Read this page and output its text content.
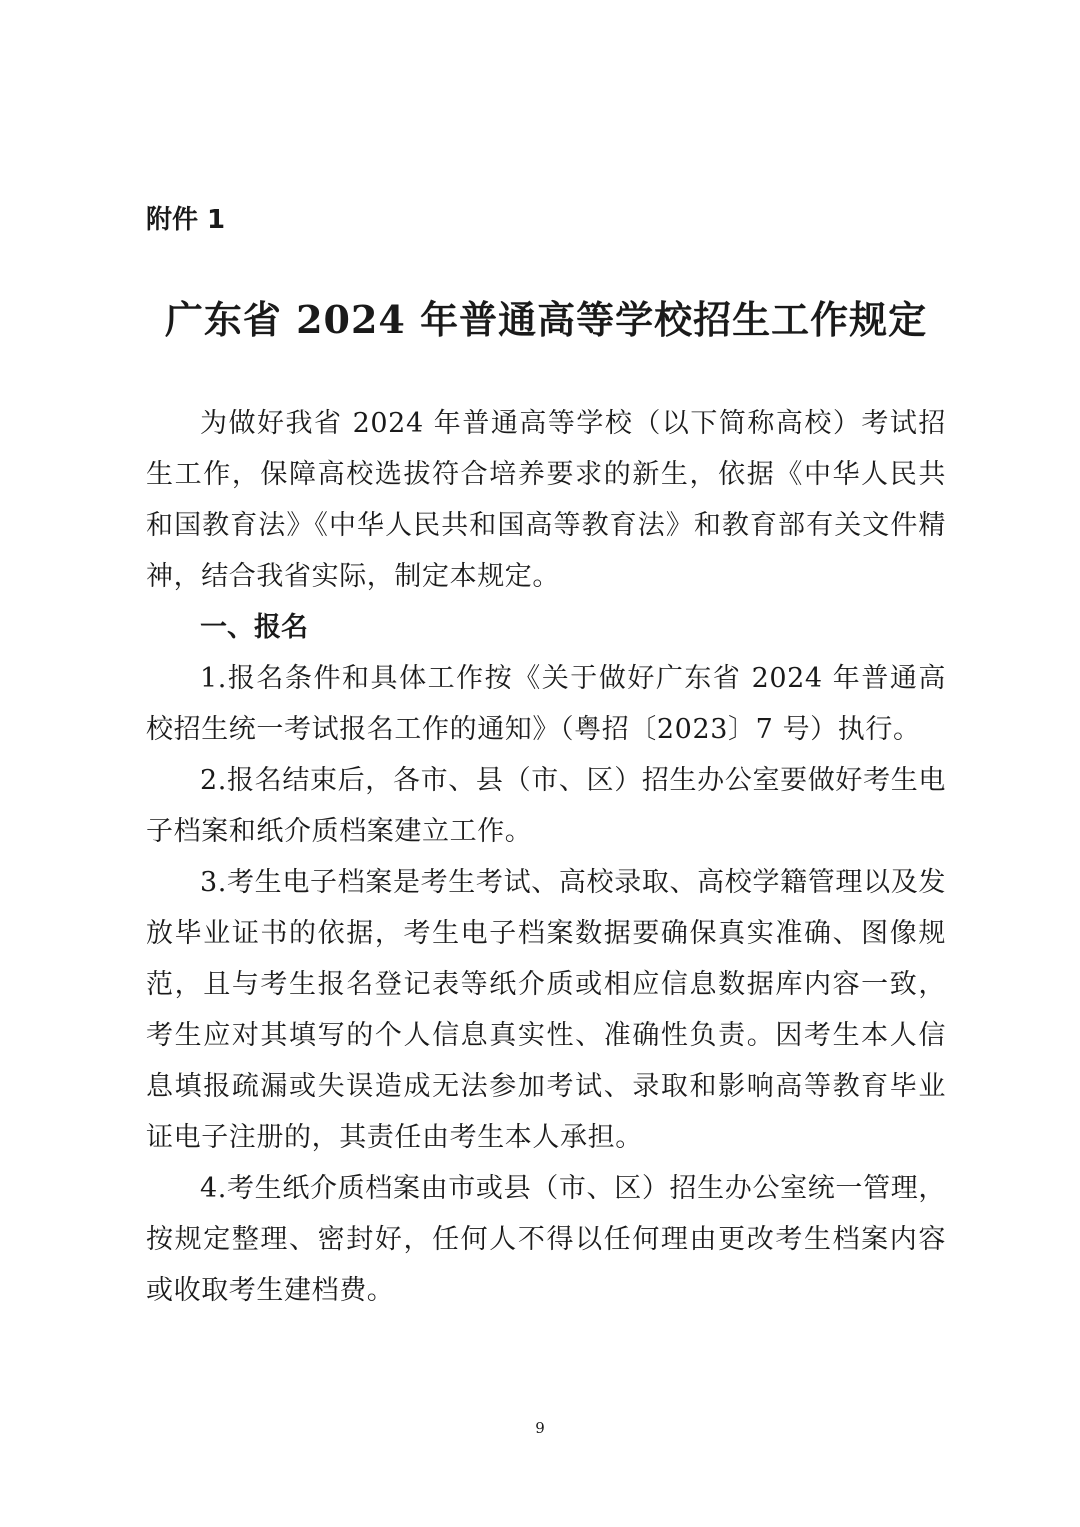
附件 1
广东省 2024 年普通高等学校招生工作规定

为做好我省 2024 年普通高等学校（以下简称高校）考试招生工作，保障高校选拔符合培养要求的新生，依据《中华人民共和国教育法》《中华人民共和国高等教育法》和教育部有关文件精神，结合我省实际，制定本规定。

一、报名

1.报名条件和具体工作按《关于做好广东省 2024 年普通高校招生统一考试报名工作的通知》（粤招〔2023〕7 号）执行。

2.报名结束后，各市、县（市、区）招生办公室要做好考生电子档案和纸介质档案建立工作。

3.考生电子档案是考生考试、高校录取、高校学籍管理以及发放毕业证书的依据，考生电子档案数据要确保真实准确、图像规范，且与考生报名登记表等纸介质或相应信息数据库内容一致，考生应对其填写的个人信息真实性、准确性负责。因考生本人信息填报疏漏或失误造成无法参加考试、录取和影响高等教育毕业证电子注册的，其责任由考生本人承担。

4.考生纸介质档案由市或县（市、区）招生办公室统一管理，按规定整理、密封好，任何人不得以任何理由更改考生档案内容或收取考生建档费。

9
